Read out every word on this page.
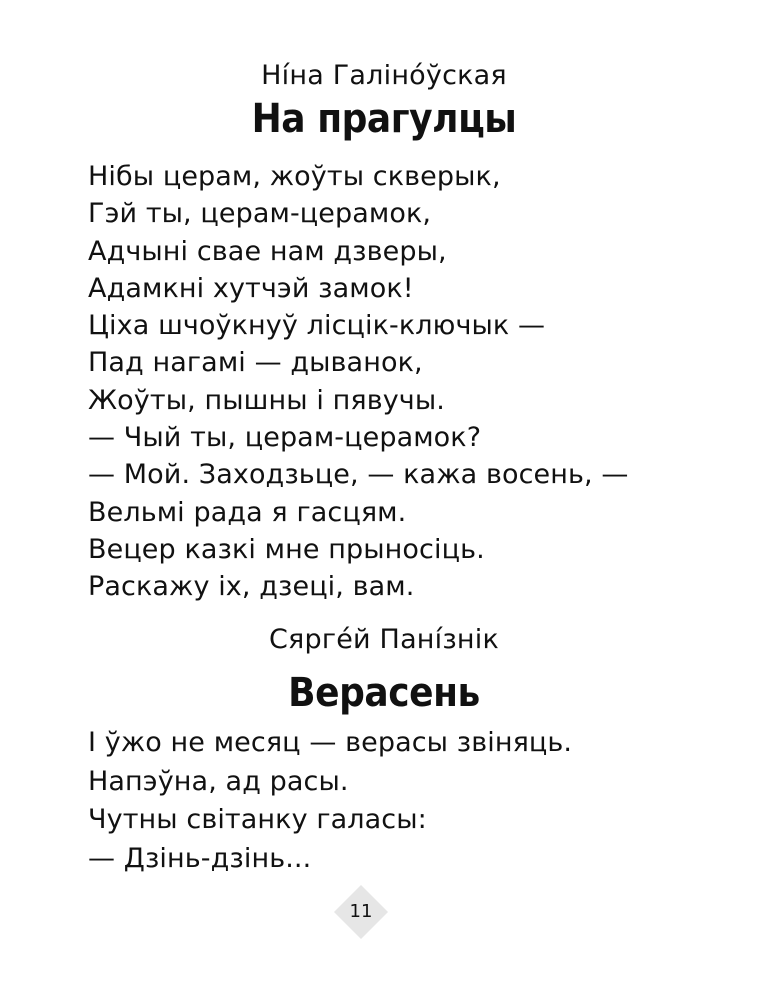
Ні́на Галіно́ўская
На прагулцы
Нібы церам, жоўты скверык,
Гэй ты, церам-церамок,
Адчыні свае нам дзверы,
Адамкні хутчэй замок!
Ціха шчоўкнуў лісцік-ключык —
Пад нагамі — дыванок,
Жоўты, пышны і пявучы.
— Чый ты, церам-церамок?
— Мой. Заходзьце, — кажа восень, —
Вельмі рада я гасцям.
Вецер казкі мне прыносіць.
Раскажу іх, дзеці, вам.
Сярге́й Пані́знік
Верасень
І ўжо не месяц — верасы звіняць.
Напэўна, ад расы.
Чутны світанку галасы:
— Дзінь-дзінь...
11
